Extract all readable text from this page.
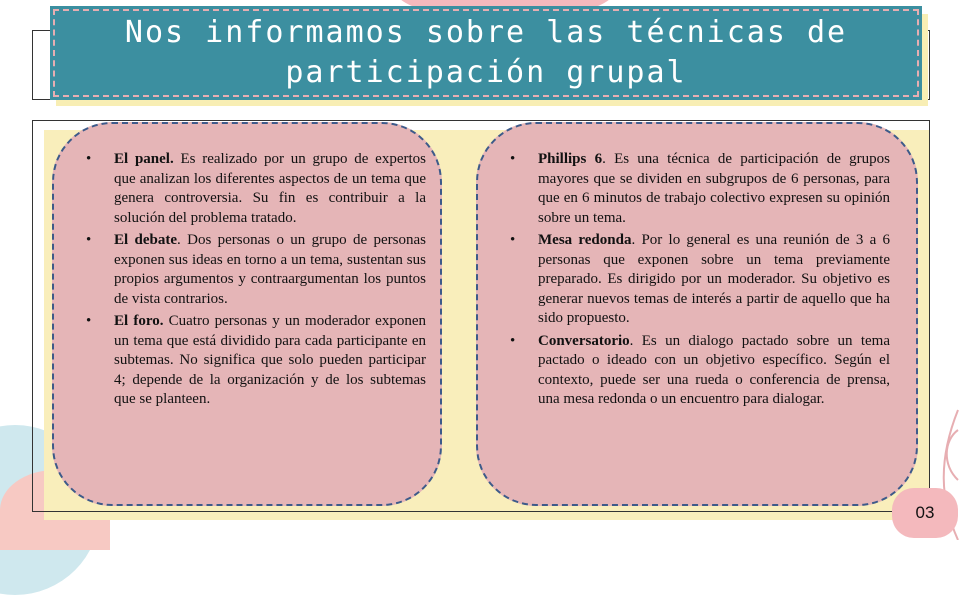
Nos informamos sobre las técnicas de participación grupal

• El panel. Es realizado por un grupo de expertos que analizan los diferentes aspectos de un tema que genera controversia. Su fin es contribuir a la solución del problema tratado.
• El debate. Dos personas o un grupo de personas exponen sus ideas en torno a un tema, sustentan sus propios argumentos y contraargumentan los puntos de vista contrarios.
• El foro. Cuatro personas y un moderador exponen un tema que está dividido para cada participante en subtemas. No significa que solo pueden participar 4; depende de la organización y de los subtemas que se planteen.
• Phillips 6. Es una técnica de participación de grupos mayores que se dividen en subgrupos de 6 personas, para que en 6 minutos de trabajo colectivo expresen su opinión sobre un tema.
• Mesa redonda. Por lo general es una reunión de 3 a 6 personas que exponen sobre un tema previamente preparado. Es dirigido por un moderador. Su objetivo es generar nuevos temas de interés a partir de aquello que ha sido propuesto.
• Conversatorio. Es un dialogo pactado sobre un tema pactado o ideado con un objetivo específico. Según el contexto, puede ser una rueda o conferencia de prensa, una mesa redonda o un encuentro para dialogar.
03
